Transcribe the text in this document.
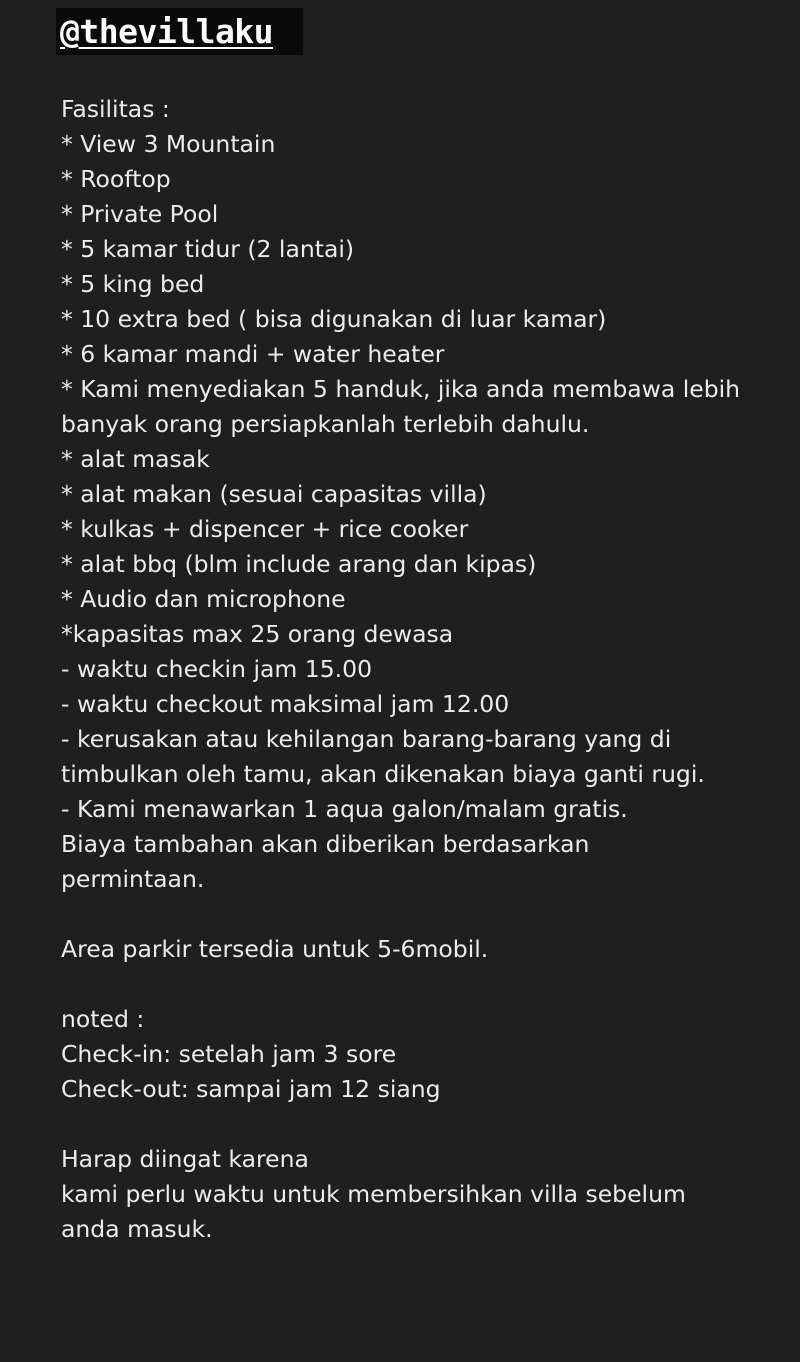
@thevillaku
Fasilitas :
* View 3 Mountain
* Rooftop
* Private Pool
* 5 kamar tidur (2 lantai)
* 5 king bed
* 10 extra bed ( bisa digunakan di luar kamar)
* 6 kamar mandi + water heater
* Kami menyediakan 5 handuk, jika anda membawa lebih
banyak orang persiapkanlah terlebih dahulu.
* alat masak
* alat makan (sesuai capasitas villa)
* kulkas + dispencer + rice cooker
* alat bbq (blm include arang dan kipas)
* Audio dan microphone
*kapasitas max 25 orang dewasa
- waktu checkin jam 15.00
- waktu checkout maksimal jam 12.00
- kerusakan atau kehilangan barang-barang yang di
timbulkan oleh tamu, akan dikenakan biaya ganti rugi.
- Kami menawarkan 1 aqua galon/malam gratis.
Biaya tambahan akan diberikan berdasarkan
permintaan.
Area parkir tersedia untuk 5-6mobil.
noted :
Check-in: setelah jam 3 sore
Check-out: sampai jam 12 siang
Harap diingat karena
kami perlu waktu untuk membersihkan villa sebelum
anda masuk.
